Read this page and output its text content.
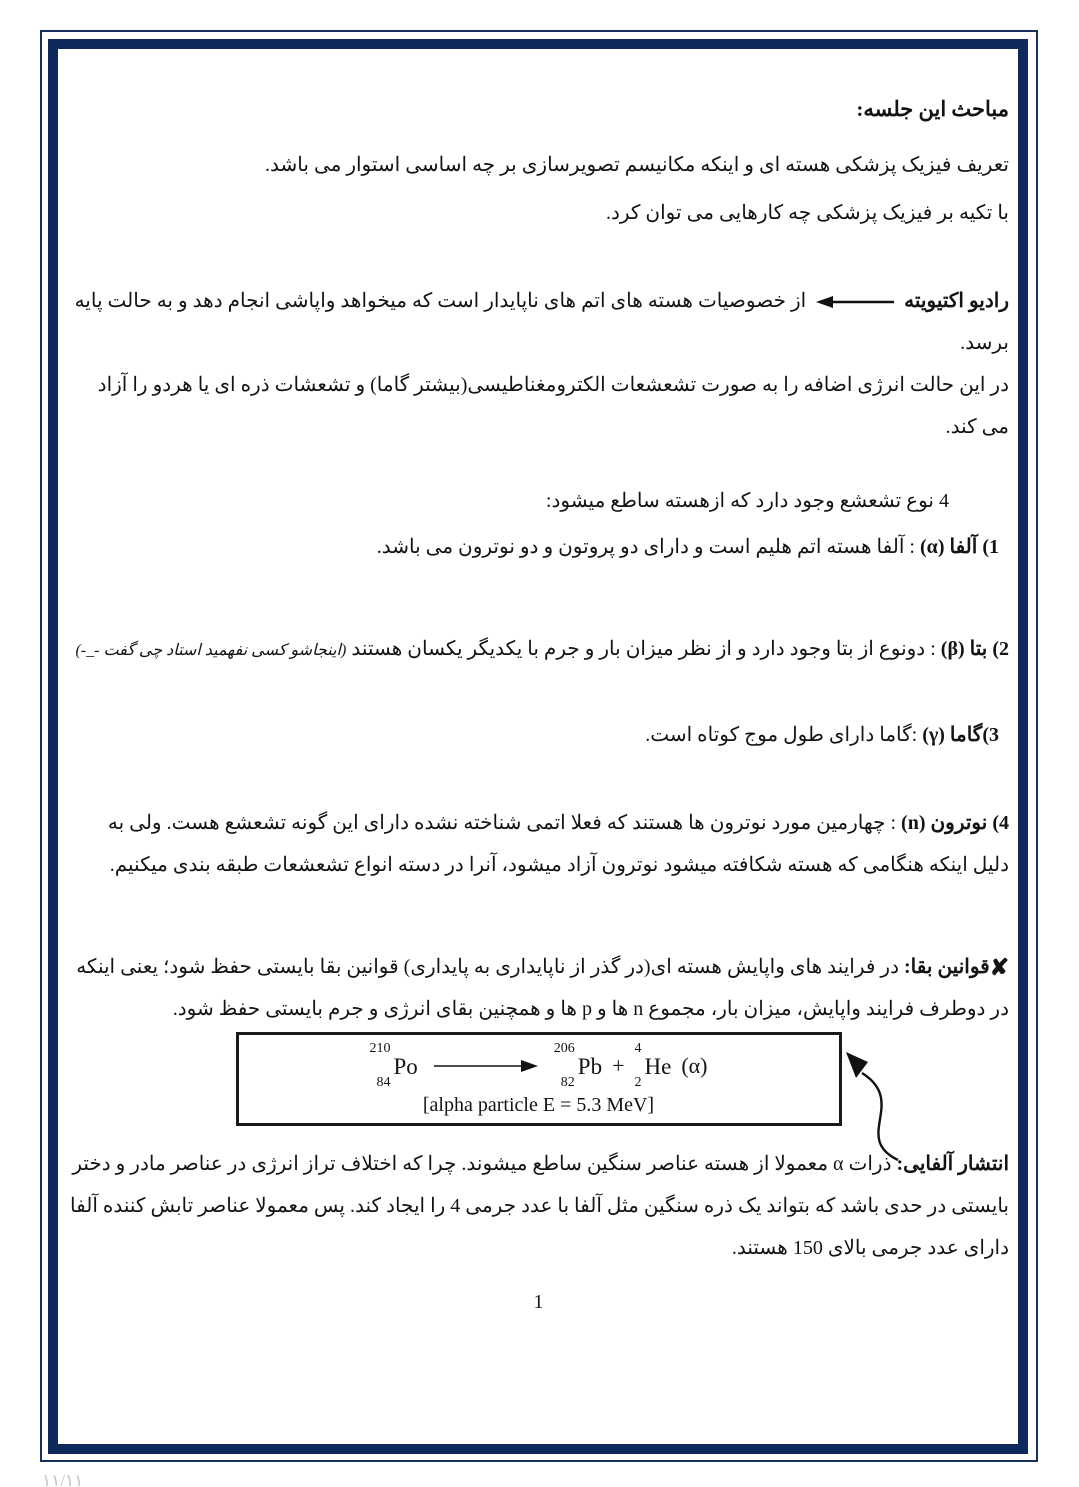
مباحث این جلسه:

تعریف فیزیک پزشکی هسته ای و اینکه مکانیسم تصویرسازی بر چه اساسی استوار می باشد.

با تکیه بر فیزیک پزشکی چه کارهایی می توان کرد.

رادیو اکتیویتهاز خصوصیات هسته های اتم های ناپایدار است که میخواهد واپاشی انجام دهد و به حالت پایه برسد.

در این حالت انرژی اضافه را به صورت تشعشعات الکترومغناطیسی(بیشتر گاما) و تشعشات ذره ای یا هردو را آزاد می کند.

4 نوع تشعشع وجود دارد که ازهسته ساطع میشود:

1) آلفا (α) : آلفا هسته اتم هلیم است و دارای دو پروتون و دو نوترون می باشد.

2) بتا (β) : دونوع از بتا وجود دارد و از نظر میزان بار و جرم با یکدیگر یکسان هستند (اینجاشو کسی نفهمید استاد چی گفت -_-)

3)گاما (γ) :گاما دارای طول موج کوتاه است.

4) نوترون (n) : چهارمین مورد نوترون ها هستند که فعلا اتمی شناخته نشده دارای این گونه تشعشع هست. ولی به دلیل اینکه هنگامی که هسته شکافته میشود نوترون آزاد میشود، آنرا در دسته انواع تشعشعات طبقه بندی میکنیم.

✘قوانین بقا: در فرایند های واپایش هسته ای(در گذر از ناپایداری به پایداری) قوانین بقا بایستی حفظ شود؛ یعنی اینکه در دوطرف فرایند واپایش، میزان بار، مجموع n ها و p ها و همچنین بقای انرژی و جرم بایستی حفظ شود.

210
84
Po
206
82
Pb +
4
2
He (α)
[alpha particle E = 5.3 MeV]

انتشار آلفایی: ذرات α معمولا از هسته عناصر سنگین ساطع میشوند. چرا که اختلاف تراز انرژی در عناصر مادر و دختر بایستی در حدی باشد که بتواند یک ذره سنگین مثل آلفا با عدد جرمی 4 را ایجاد کند. پس معمولا عناصر تابش کننده آلفا دارای عدد جرمی بالای 150 هستند.

1

۱۱/۱۱
